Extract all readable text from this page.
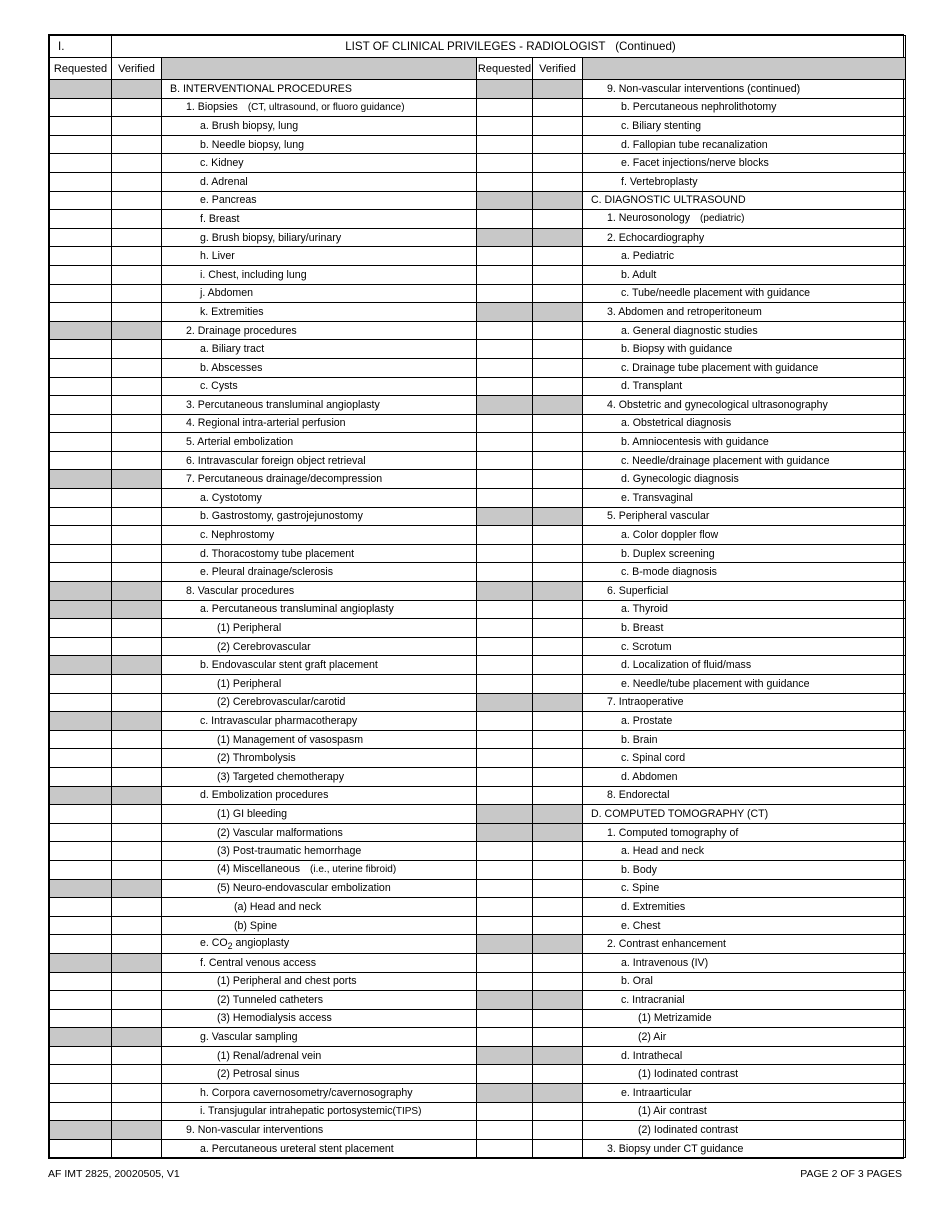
I.	LIST OF CLINICAL PRIVILEGES - RADIOLOGIST (Continued)				
Requested	Verified		Requested	Verified	
		B. INTERVENTIONAL PROCEDURES			9. Non-vascular interventions (continued)
		1. Biopsies (CT, ultrasound, or fluoro guidance)			b. Percutaneous nephrolithotomy
		a. Brush biopsy, lung			c. Biliary stenting
		b. Needle biopsy, lung			d. Fallopian tube recanalization
		c. Kidney			e. Facet injections/nerve blocks
		d. Adrenal			f. Vertebroplasty
		e. Pancreas			C. DIAGNOSTIC ULTRASOUND
		f. Breast			1. Neurosonology (pediatric)
		g. Brush biopsy, biliary/urinary			2. Echocardiography
		h. Liver			a. Pediatric
		i. Chest, including lung			b. Adult
		j. Abdomen			c. Tube/needle placement with guidance
		k. Extremities			3. Abdomen and retroperitoneum
		2. Drainage procedures			a. General diagnostic studies
		a. Biliary tract			b. Biopsy with guidance
		b. Abscesses			c. Drainage tube placement with guidance
		c. Cysts			d. Transplant
		3. Percutaneous transluminal angioplasty			4. Obstetric and gynecological ultrasonography
		4. Regional intra-arterial perfusion			a. Obstetrical diagnosis
		5. Arterial embolization			b. Amniocentesis with guidance
		6. Intravascular foreign object retrieval			c. Needle/drainage placement with guidance
		7. Percutaneous drainage/decompression			d. Gynecologic diagnosis
		a. Cystotomy			e. Transvaginal
		b. Gastrostomy, gastrojejunostomy			5. Peripheral vascular
		c. Nephrostomy			a. Color doppler flow
		d. Thoracostomy tube placement			b. Duplex screening
		e. Pleural drainage/sclerosis			c. B-mode diagnosis
		8. Vascular procedures			6. Superficial
		a. Percutaneous transluminal angioplasty			a. Thyroid
		(1) Peripheral			b. Breast
		(2) Cerebrovascular			c. Scrotum
		b. Endovascular stent graft placement			d. Localization of fluid/mass
		(1) Peripheral			e. Needle/tube placement with guidance
		(2) Cerebrovascular/carotid			7. Intraoperative
		c. Intravascular pharmacotherapy			a. Prostate
		(1) Management of vasospasm			b. Brain
		(2) Thrombolysis			c. Spinal cord
		(3) Targeted chemotherapy			d. Abdomen
		d. Embolization procedures			8. Endorectal
		(1) GI bleeding			D. COMPUTED TOMOGRAPHY (CT)
		(2) Vascular malformations			1. Computed tomography of
		(3) Post-traumatic hemorrhage			a. Head and neck
		(4) Miscellaneous (i.e., uterine fibroid)			b. Body
		(5) Neuro-endovascular embolization			c. Spine
		(a) Head and neck			d. Extremities
		(b) Spine			e. Chest
		e. $CO_2$ angioplasty			2. Contrast enhancement
		f. Central venous access			a. Intravenous (IV)
		(1) Peripheral and chest ports			b. Oral
		(2) Tunneled catheters			c. Intracranial
		(3) Hemodialysis access			(1) Metrizamide
		g. Vascular sampling			(2) Air
		(1) Renal/adrenal vein			d. Intrathecal
		(2) Petrosal sinus			(1) Iodinated contrast
		h. Corpora cavernosometry/cavernosography			e. Intraarticular
		i. Transjugular intrahepatic portosystemic(TIPS)			(1) Air contrast
		9. Non-vascular interventions			(2) Iodinated contrast
		a. Percutaneous ureteral stent placement			3. Biopsy under CT guidance
AF IMT 2825, 20020505, V1	PAGE 2 OF 3 PAGES
